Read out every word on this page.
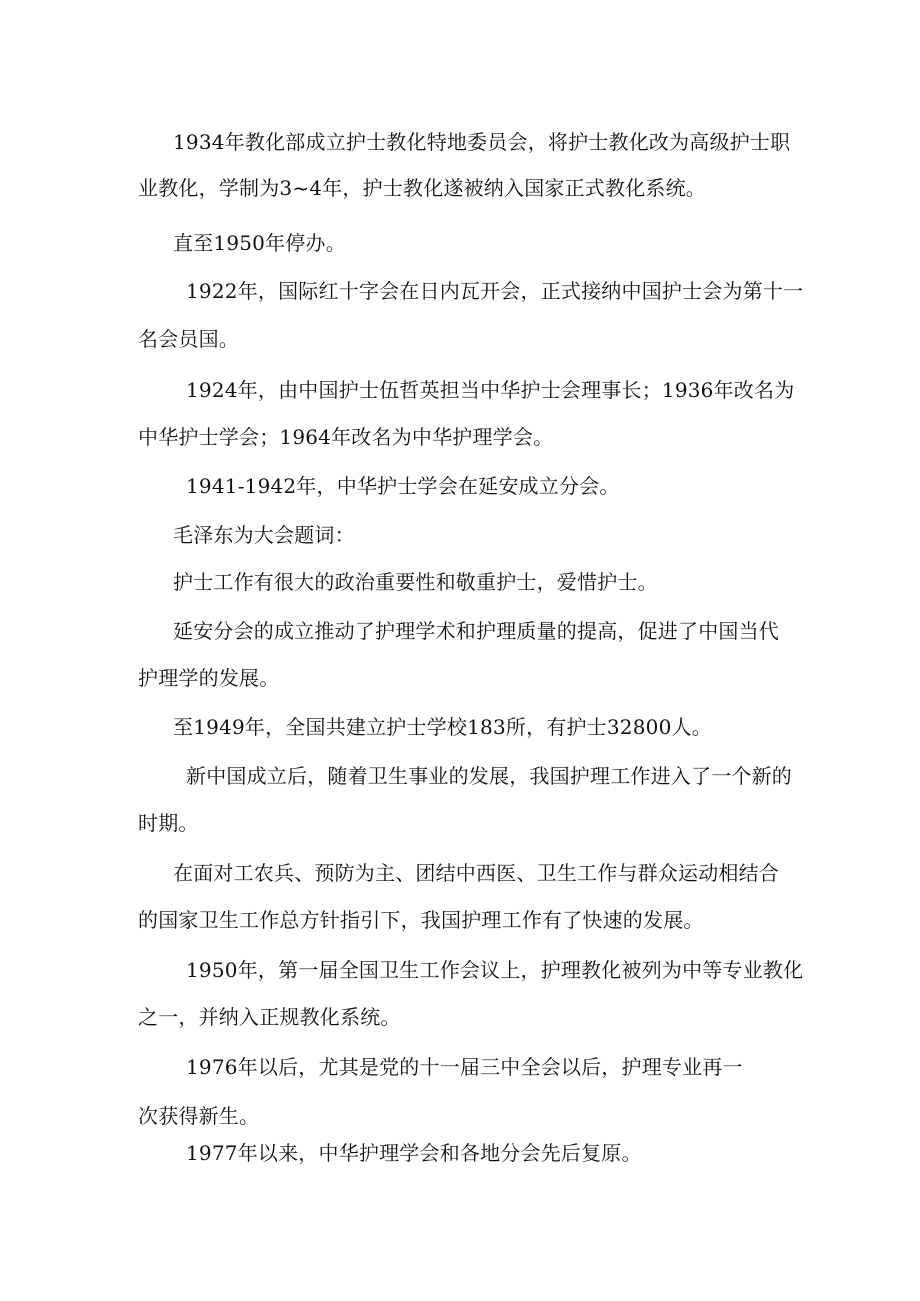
1934年教化部成立护士教化特地委员会，将护士教化改为高级护士职

业教化，学制为3~4年，护士教化遂被纳入国家正式教化系统。

直至1950年停办。

1922年，国际红十字会在日内瓦开会，正式接纳中国护士会为第十一

名会员国。

1924年，由中国护士伍哲英担当中华护士会理事长；1936年改名为

中华护士学会；1964年改名为中华护理学会。

1941-1942年，中华护士学会在延安成立分会。

毛泽东为大会题词：

护士工作有很大的政治重要性和敬重护士，爱惜护士。

延安分会的成立推动了护理学术和护理质量的提高，促进了中国当代

护理学的发展。

至1949年，全国共建立护士学校183所，有护士32800人。

新中国成立后，随着卫生事业的发展，我国护理工作进入了一个新的

时期。

在面对工农兵、预防为主、团结中西医、卫生工作与群众运动相结合

的国家卫生工作总方针指引下，我国护理工作有了快速的发展。

1950年，第一届全国卫生工作会议上，护理教化被列为中等专业教化

之一，并纳入正规教化系统。

1976年以后，尤其是党的十一届三中全会以后，护理专业再一

次获得新生。

1977年以来，中华护理学会和各地分会先后复原。
